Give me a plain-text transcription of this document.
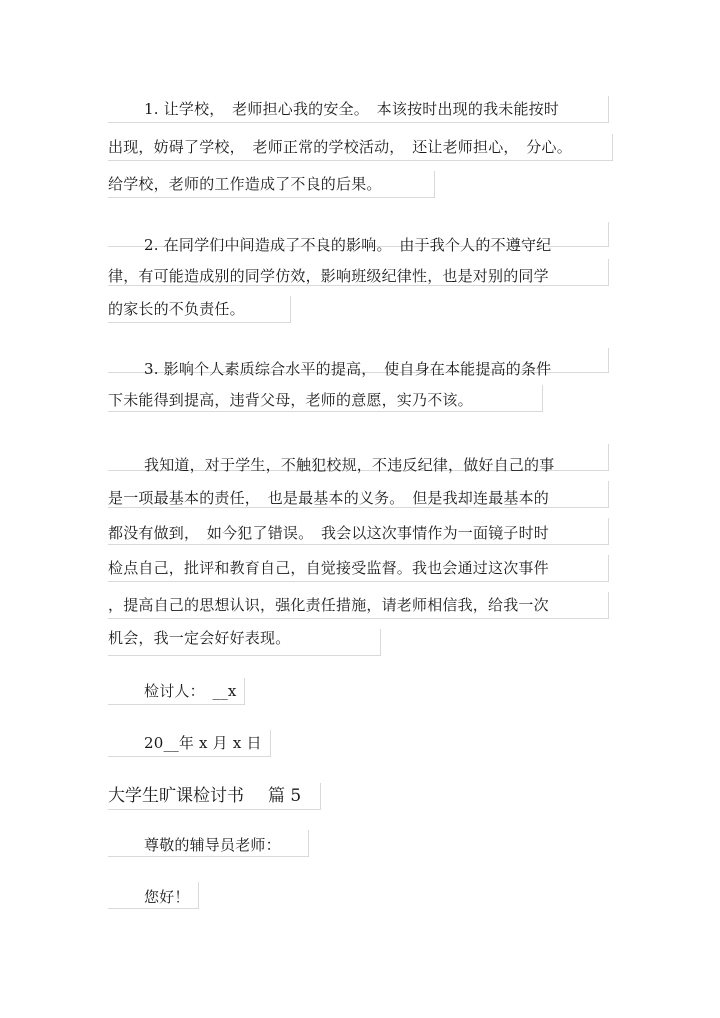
1. 让学校，　老师担心我的安全。　本该按时出现的我未能按时
出现，妨碍了学校，　老师正常的学校活动，　还让老师担心，　分心。
给学校，老师的工作造成了不良的后果。
2. 在同学们中间造成了不良的影响。　由于我个人的不遵守纪
律，有可能造成别的同学仿效，影响班级纪律性，也是对别的同学
的家长的不负责任。
3. 影响个人素质综合水平的提高，　使自身在本能提高的条件
下未能得到提高，违背父母，老师的意愿，实乃不该。
我知道，对于学生，不触犯校规，不违反纪律，做好自己的事
是一项最基本的责任，　也是最基本的义务。　但是我却连最基本的
都没有做到，　如今犯了错误。　我会以这次事情作为一面镜子时时
检点自己，批评和教育自己，自觉接受监督。我也会通过这次事件
，提高自己的思想认识，强化责任措施，请老师相信我，给我一次
机会，我一定会好好表现。
检讨人：　__x
20__年 x 月 x 日
大学生旷课检讨书 篇 5
尊敬的辅导员老师：
您好！
